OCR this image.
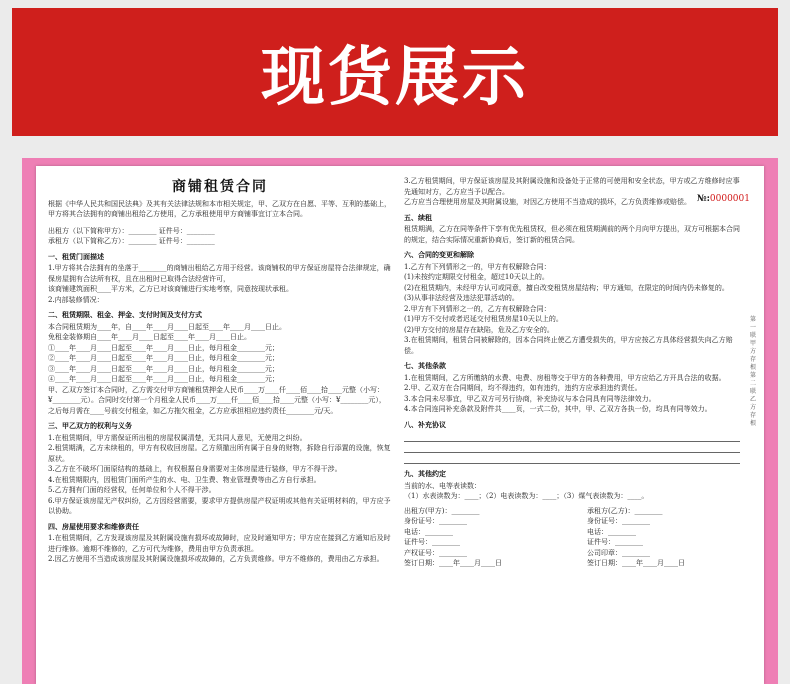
现货展示
№:0000001
商铺租赁合同

根据《中华人民共和国民法典》及其有关法律法规和本市相关规定，甲、乙双方在自愿、平等、互利的基础上，甲方将其合法拥有的商铺出租给乙方使用，乙方承租使用甲方商铺事宜订立本合同。

出租方（以下简称甲方）：________ 证件号：________

承租方（以下简称乙方）：________ 证件号：________

一、租赁门面描述

1.甲方将其合法拥有的坐落于________的商铺出租给乙方用于经营。该商铺权的甲方保证房屋符合法律规定，确保房屋拥有合法所有权，且在出租时已取得合法经营许可，

该商铺建筑面积____平方米，乙方已对该商铺进行实地考察，同意按现状承租。

2.内部装修情况：

二、租赁期限、租金、押金、支付时间及支付方式

本合同租赁期为____年，自____年____月____日起至____年____月____日止。

免租金装修期自____年____月____日起至____年____月____日止。

①____年____月____日起至____年____月____日止，每月租金________元；

②____年____月____日起至____年____月____日止，每月租金________元；

③____年____月____日起至____年____月____日止，每月租金________元；

④____年____月____日起至____年____月____日止，每月租金________元；

甲、乙双方签订本合同时，乙方需交付甲方商铺租赁押金人民币____万____仟____佰____拾____元整（小写：¥________元）。合同时交付第一个月租金人民币____万____仟____佰____拾____元整（小写：¥________元），之后每月需在____号前交付租金，如乙方拖欠租金，乙方应承担相应违约责任________元/天。

三、甲乙双方的权利与义务

1.在租赁期间，甲方需保证所出租的房屋权属清楚，无共同人意见，无使用之纠纷。

2.租赁期满，乙方未续租的，甲方有权收回房屋。乙方须撤出所有属于自身的财物，拆除自行添置的设施，恢复原状。

3.乙方在不破坏门面原结构的基础上，有权根据自身需要对主体房屋进行装修，甲方不得干涉。

4.在租赁期限内，因租赁门面所产生的水、电、卫生费、物业管理费等由乙方自行承担。

5.乙方拥有门面的经营权，任何单位和个人不得干涉。

6.甲方保证该房屋无产权纠纷，乙方因经营需要，要求甲方提供房屋产权证明或其他有关证明材料的，甲方应予以协助。

四、房屋使用要求和维修责任

1.在租赁期间，乙方发现该房屋及其附属设施有损坏或故障时，应及时通知甲方；甲方应在接到乙方通知后及时进行维修。逾期不维修的，乙方可代为维修，费用由甲方负责承担。

2.因乙方使用不当造成该房屋及其附属设施损坏或故障的，乙方负责维修。甲方不维修的，费用由乙方承担。

3.乙方租赁期间，甲方保证该房屋及其附属设施和设备处于正常的可使用和安全状态，甲方或乙方维修时应事先通知对方，乙方应当予以配合。

乙方应当合理使用房屋及其附属设施，对因乙方使用不当造成的损坏，乙方负责维修或赔偿。

五、续租

租赁期满，乙方在同等条件下享有优先租赁权，但必须在租赁期满前的两个月向甲方提出，双方可根据本合同的规定，结合实际情况重新协商后，签订新的租赁合同。

六、合同的变更和解除

1.乙方有下列情形之一的，甲方有权解除合同：

(1)未按约定期限交付租金，超过10天以上的。

(2)在租赁期内，未经甲方认可或同意，擅自改变租赁房屋结构；甲方通知，在限定的时间内仍未修复的。

(3)从事非法经营及违法犯罪活动的。

2.甲方有下列情形之一的，乙方有权解除合同：

(1)甲方不交付或者迟延交付租赁房屋10天以上的。

(2)甲方交付的房屋存在缺陷，危及乙方安全的。

3.在租赁期间，租赁合同被解除的，因本合同终止使乙方遭受损失的，甲方应按乙方具体经营损失向乙方赔偿。

七、其他条款

1.在租赁期间，乙方所缴纳的水费、电费、房租等交于甲方的各种费用，甲方应给乙方开具合法的收据。

2.甲、乙双方在合同期间，均不得违约，如有违约，违约方应承担违约责任。

3.本合同未尽事宜，甲乙双方可另行协商，补充协议与本合同具有同等法律效力。

4.本合同连同补充条款及附件共____页，一式二份，其中，甲、乙双方各执一份，均具有同等效力。

八、补充协议
九、其他约定

当前的水、电等表读数：

（1）水表读数为：____；（2）电表读数为：____；（3）煤气表读数为：____。

出租方(甲方)：________

身份证号：________

电话：________

证件号：________

产权证号：________

签订日期：____年____月____日

承租方(乙方)：________

身份证号：________

电话：________

证件号：________

公司印章：________

签订日期：____年____月____日

第一联 甲方存根 第二联 乙方存根
